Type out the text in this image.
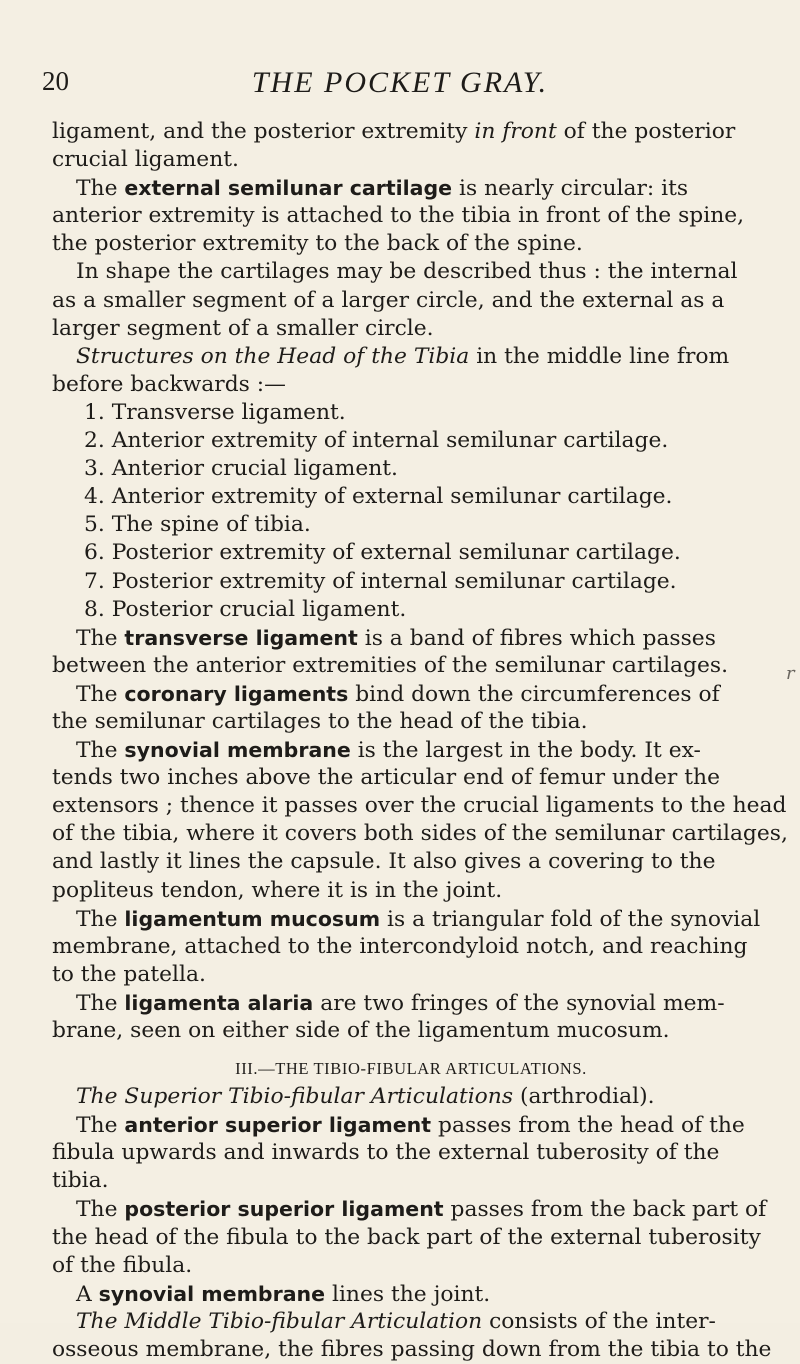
20	THE POCKET GRAY.
r
ligament, and the posterior extremity in front of the posterior
crucial ligament.
The external semilunar cartilage is nearly circular: its
anterior extremity is attached to the tibia in front of the spine,
the posterior extremity to the back of the spine.
In shape the cartilages may be described thus : the internal
as a smaller segment of a larger circle, and the external as a
larger segment of a smaller circle.
Structures on the Head of the Tibia in the middle line from
before backwards :—
1. Transverse ligament.
2. Anterior extremity of internal semilunar cartilage.
3. Anterior crucial ligament.
4. Anterior extremity of external semilunar cartilage.
5. The spine of tibia.
6. Posterior extremity of external semilunar cartilage.
7. Posterior extremity of internal semilunar cartilage.
8. Posterior crucial ligament.
The transverse ligament is a band of fibres which passes
between the anterior extremities of the semilunar cartilages.
The coronary ligaments bind down the circumferences of
the semilunar cartilages to the head of the tibia.
The synovial membrane is the largest in the body. It ex-
tends two inches above the articular end of femur under the
extensors ; thence it passes over the crucial ligaments to the head
of the tibia, where it covers both sides of the semilunar cartilages,
and lastly it lines the capsule. It also gives a covering to the
popliteus tendon, where it is in the joint.
The ligamentum mucosum is a triangular fold of the synovial
membrane, attached to the intercondyloid notch, and reaching
to the patella.
The ligamenta alaria are two fringes of the synovial mem-
brane, seen on either side of the ligamentum mucosum.
III.—THE TIBIO-FIBULAR ARTICULATIONS.
The Superior Tibio-fibular Articulations (arthrodial).
The anterior superior ligament passes from the head of the
fibula upwards and inwards to the external tuberosity of the
tibia.
The posterior superior ligament passes from the back part of
the head of the fibula to the back part of the external tuberosity
of the fibula.
A synovial membrane lines the joint.
The Middle Tibio-fibular Articulation consists of the inter-
osseous membrane, the fibres passing down from the tibia to the
